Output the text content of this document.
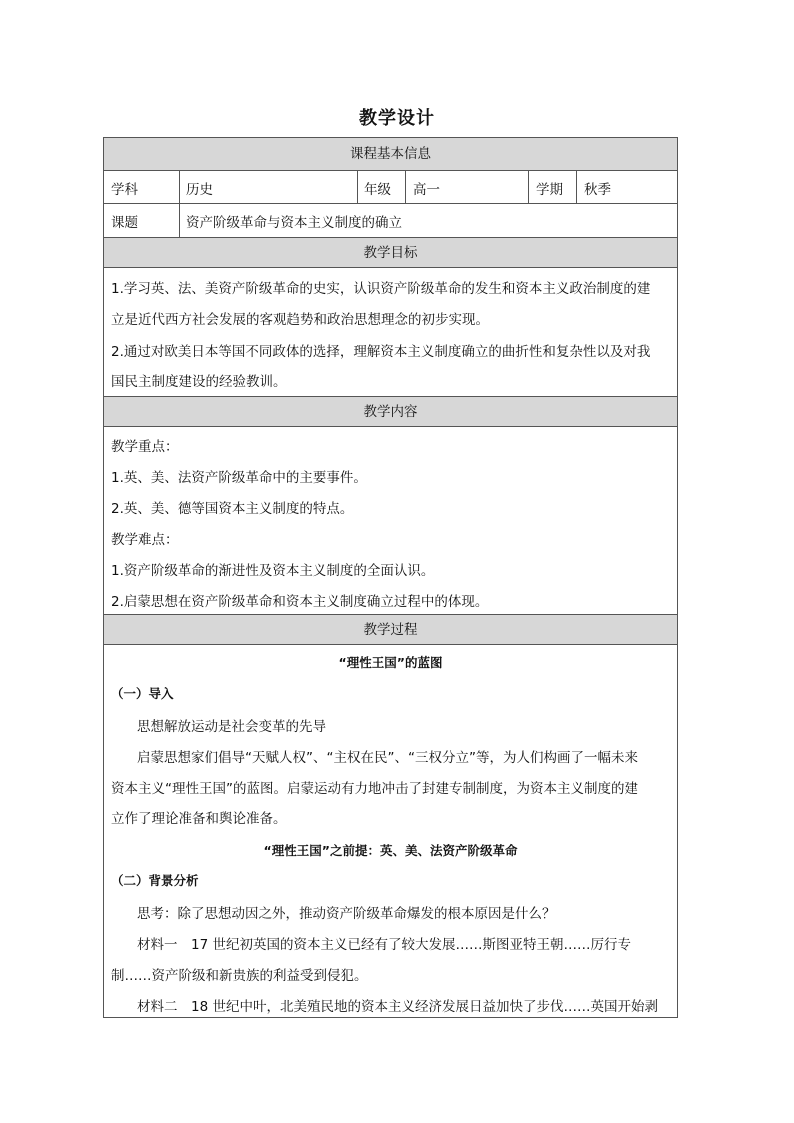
教学设计
课程基本信息
学科	历史	年级 高一	学期 秋季
课题	资产阶级革命与资本主义制度的确立
教学目标
1.学习英、法、美资产阶级革命的史实，认识资产阶级革命的发生和资本主义政治制度的建
立是近代西方社会发展的客观趋势和政治思想理念的初步实现。
2.通过对欧美日本等国不同政体的选择，理解资本主义制度确立的曲折性和复杂性以及对我
国民主制度建设的经验教训。
教学内容
教学重点：
1.英、美、法资产阶级革命中的主要事件。
2.英、美、德等国资本主义制度的特点。
教学难点：
1.资产阶级革命的渐进性及资本主义制度的全面认识。
2.启蒙思想在资产阶级革命和资本主义制度确立过程中的体现。
教学过程
“理性王国”的蓝图
（一）导入
思想解放运动是社会变革的先导
启蒙思想家们倡导“天赋人权”、“主权在民”、“三权分立”等，为人们构画了一幅未来
资本主义“理性王国”的蓝图。启蒙运动有力地冲击了封建专制制度，为资本主义制度的建
立作了理论准备和舆论准备。
“理性王国”之前提：英、美、法资产阶级革命
（二）背景分析
思考：除了思想动因之外，推动资产阶级革命爆发的根本原因是什么？
材料一　17 世纪初英国的资本主义已经有了较大发展……斯图亚特王朝……厉行专
制……资产阶级和新贵族的利益受到侵犯。
材料二　18 世纪中叶，北美殖民地的资本主义经济发展日益加快了步伐……英国开始剥
